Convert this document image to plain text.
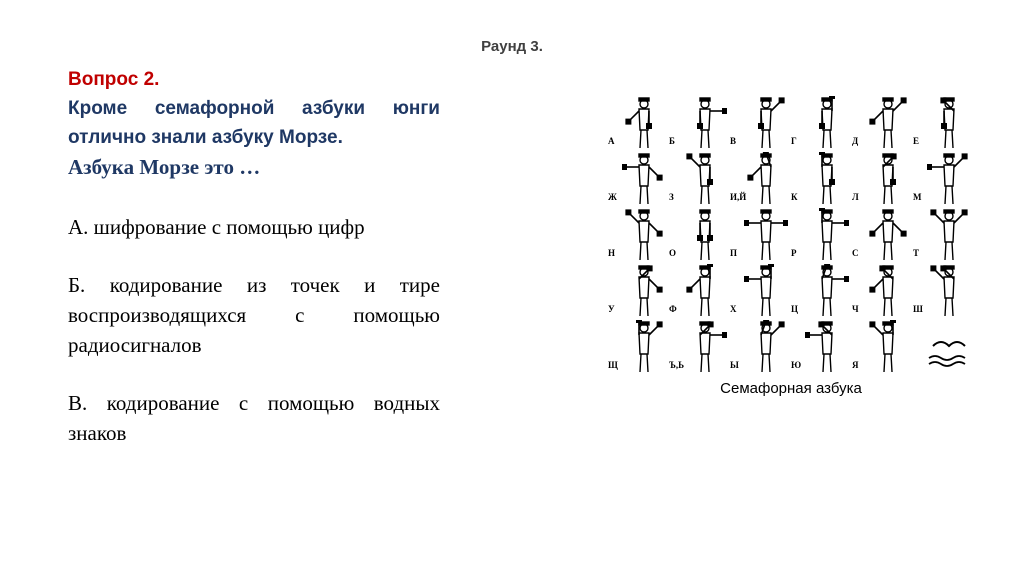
Раунд 3.
Вопрос 2.
Кроме семафорной азбуки юнги отлично знали азбуку Морзе.
Азбука Морзе это …
А. шифрование с помощью цифр
Б. кодирование из точек и тире воспроизводящихся с помощью радиосигналов
В. кодирование с помощью водных знаков
А	Б	В	Г	Д	Е
Ж	З	И,Й	К	Л	М
Н	О	П	Р	С	Т
У	Ф	Х	Ц	Ч	Ш
Щ	Ъ,Ь	Ы	Ю	Я
Семафорная азбука
